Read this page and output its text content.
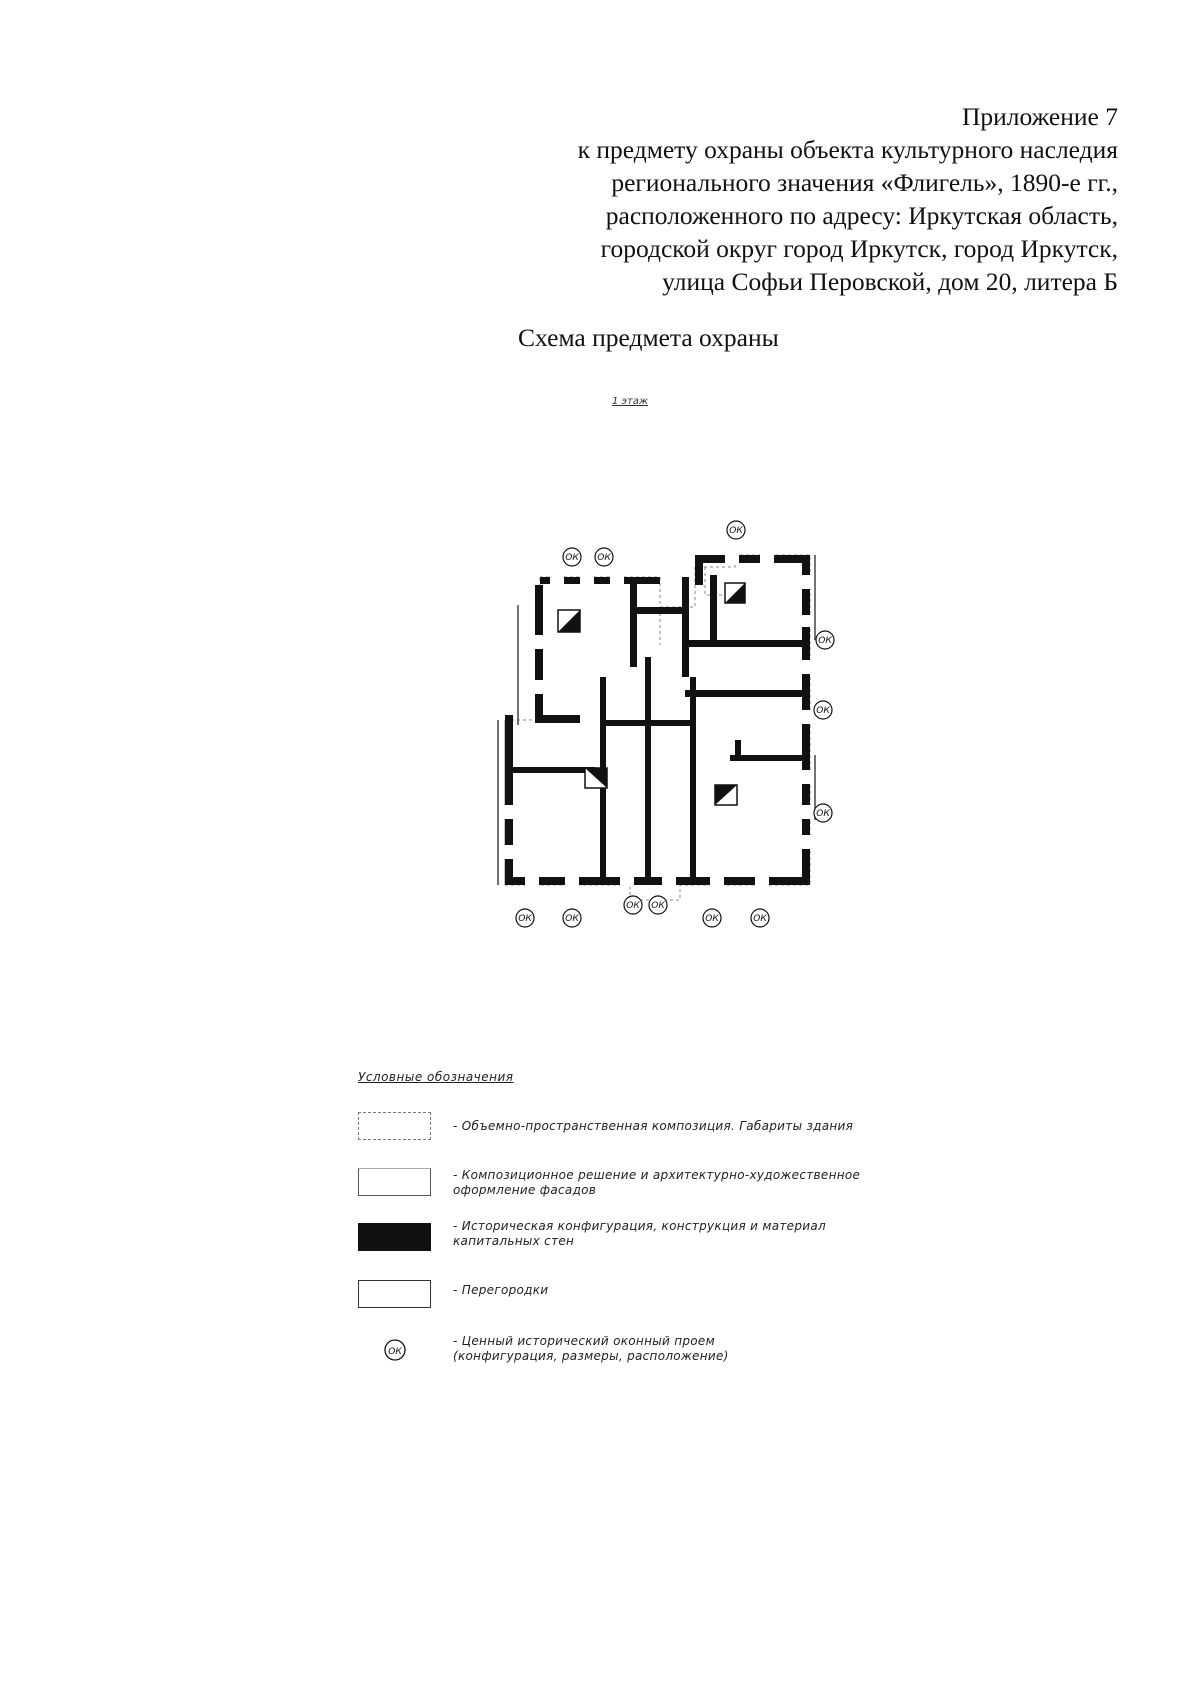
Приложение 7
к предмету охраны объекта культурного наследия
регионального значения «Флигель», 1890-е гг.,
расположенного по адресу: Иркутская область,
городской округ город Иркутск, город Иркутск,
улица Софьи Перовской, дом 20, литера Б
Схема предмета охраны
1 этаж
ОК ОК
ОК
ОК
ОК
ОК
ОК	ОК
ОК ОК
ОК	ОК
Условные обозначения
- Объемно-пространственная композиция. Габариты здания
- Композиционное решение и архитектурно-художественное
оформление фасадов
- Историческая конфигурация, конструкция и материал
капитальных стен
- Перегородки
ОК
- Ценный исторический оконный проем
(конфигурация, размеры, расположение)
